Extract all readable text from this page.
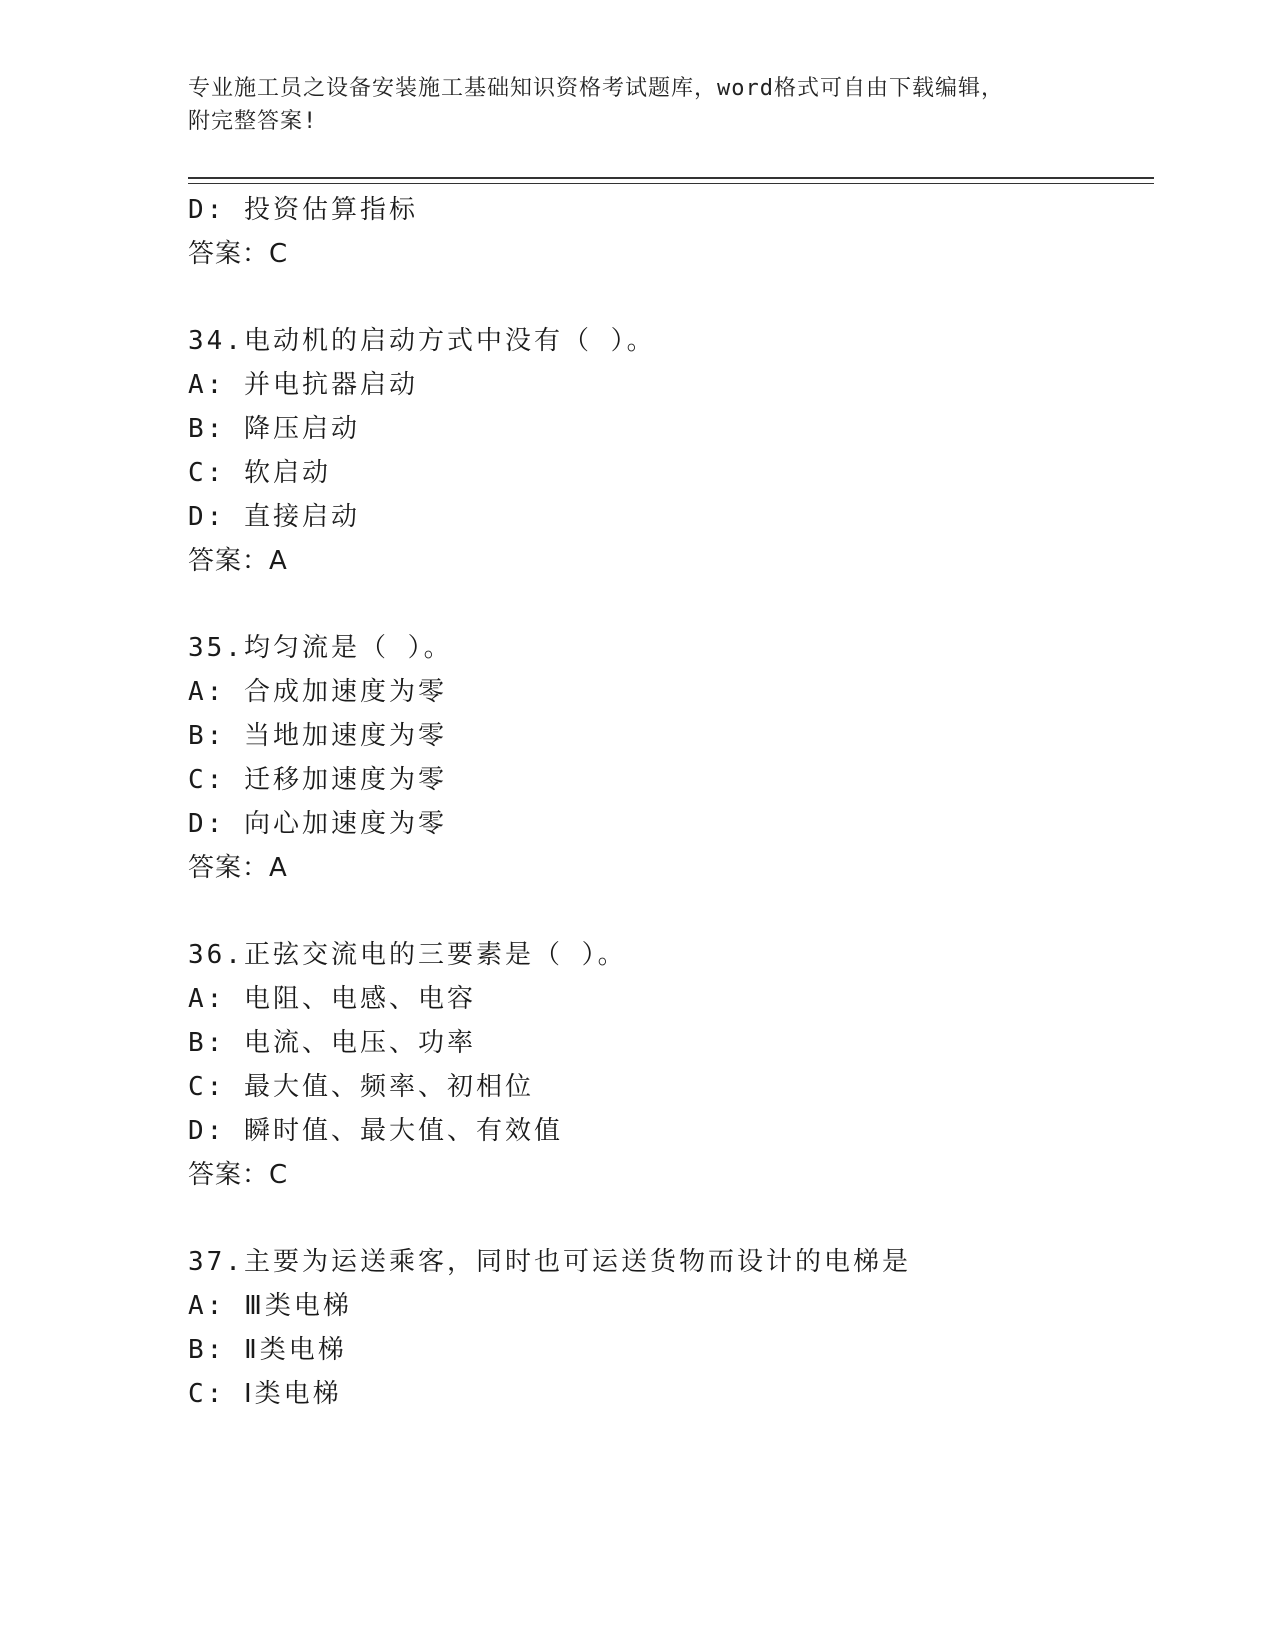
专业施工员之设备安装施工基础知识资格考试题库，word格式可自由下载编辑，
附完整答案!
D: 投资估算指标
答案：C
34.电动机的启动方式中没有（ ）。
A: 并电抗器启动
B: 降压启动
C: 软启动
D: 直接启动
答案：A
35.均匀流是（ ）。
A: 合成加速度为零
B: 当地加速度为零
C: 迁移加速度为零
D: 向心加速度为零
答案：A
36.正弦交流电的三要素是（ ）。
A: 电阻、电感、电容
B: 电流、电压、功率
C: 最大值、频率、初相位
D: 瞬时值、最大值、有效值
答案：C
37.主要为运送乘客，同时也可运送货物而设计的电梯是
A: Ⅲ类电梯
B: Ⅱ类电梯
C: Ⅰ类电梯
